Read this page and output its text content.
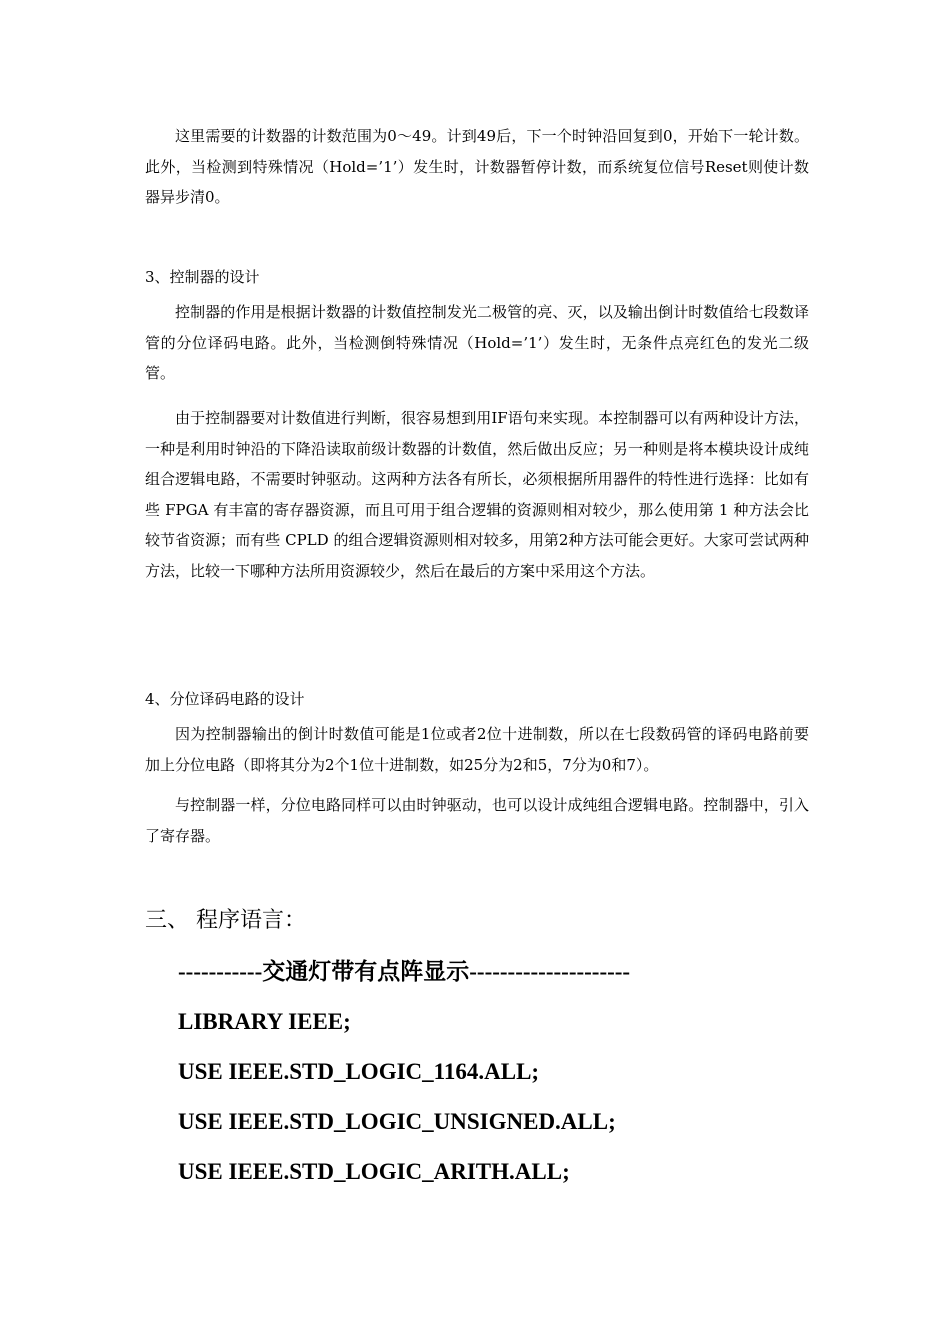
这里需要的计数器的计数范围为0～49。计到49后，下一个时钟沿回复到0，开始下一轮计数。此外，当检测到特殊情况（Hold=’1’）发生时，计数器暂停计数，而系统复位信号Reset则使计数器异步清0。

3、控制器的设计

控制器的作用是根据计数器的计数值控制发光二极管的亮、灭，以及输出倒计时数值给七段数译管的分位译码电路。此外，当检测倒特殊情况（Hold=’1’）发生时，无条件点亮红色的发光二级管。

由于控制器要对计数值进行判断，很容易想到用IF语句来实现。本控制器可以有两种设计方法，一种是利用时钟沿的下降沿读取前级计数器的计数值，然后做出反应；另一种则是将本模块设计成纯组合逻辑电路，不需要时钟驱动。这两种方法各有所长，必须根据所用器件的特性进行选择：比如有些 FPGA 有丰富的寄存器资源，而且可用于组合逻辑的资源则相对较少，那么使用第 1 种方法会比较节省资源；而有些 CPLD 的组合逻辑资源则相对较多，用第2种方法可能会更好。大家可尝试两种方法，比较一下哪种方法所用资源较少，然后在最后的方案中采用这个方法。

4、分位译码电路的设计

因为控制器输出的倒计时数值可能是1位或者2位十进制数，所以在七段数码管的译码电路前要加上分位电路（即将其分为2个1位十进制数，如25分为2和5，7分为0和7）。

与控制器一样，分位电路同样可以由时钟驱动，也可以设计成纯组合逻辑电路。控制器中，引入了寄存器。

三、 程序语言：

-----------交通灯带有点阵显示---------------------

LIBRARY IEEE;

USE IEEE.STD_LOGIC_1164.ALL;

USE IEEE.STD_LOGIC_UNSIGNED.ALL;

USE IEEE.STD_LOGIC_ARITH.ALL;
